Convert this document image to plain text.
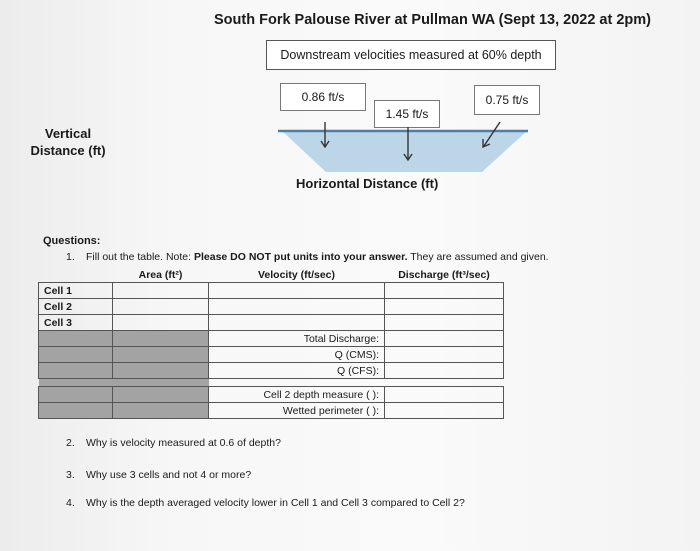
South Fork Palouse River at Pullman WA (Sept 13, 2022 at 2pm)
Downstream velocities measured at 60% depth
0.86 ft/s
1.45 ft/s
0.75 ft/s
Vertical
Distance (ft)
Horizontal Distance (ft)
Questions:
1. Fill out the table. Note: Please DO NOT put units into your answer. They are assumed and given.
	Area (ft²)	Velocity (ft/sec)	Discharge (ft³/sec)
Cell 1			
Cell 2			
Cell 3			
		Total Discharge:	
		Q (CMS):	
		Q (CFS):	

		Cell 2 depth measure ( ):	
		Wetted perimeter ( ):	
2. Why is velocity measured at 0.6 of depth?
3. Why use 3 cells and not 4 or more?
4. Why is the depth averaged velocity lower in Cell 1 and Cell 3 compared to Cell 2?
